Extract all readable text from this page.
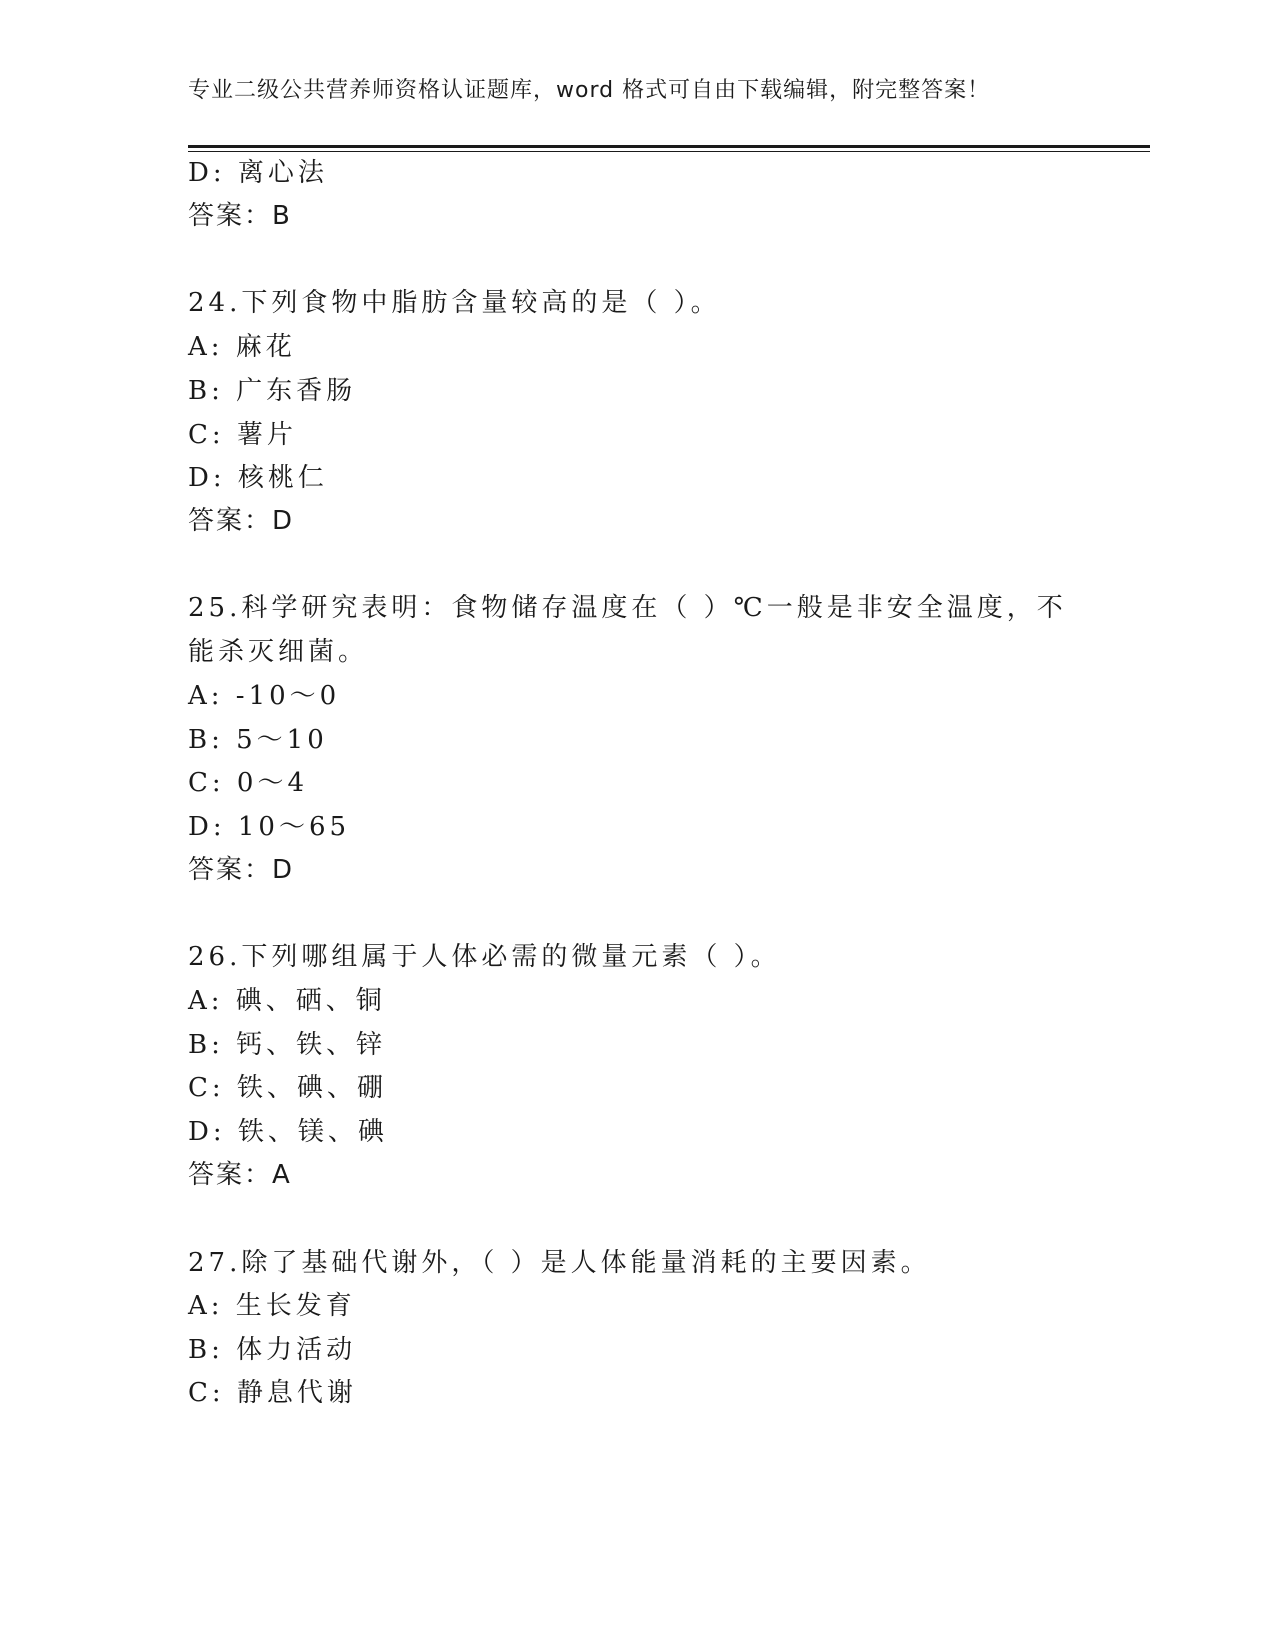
专业二级公共营养师资格认证题库，word 格式可自由下载编辑，附完整答案！
D: 离心法
答案：B
24.下列食物中脂肪含量较高的是（ ）。
A: 麻花
B: 广东香肠
C: 薯片
D: 核桃仁
答案：D
25.科学研究表明：食物储存温度在（ ）℃一般是非安全温度，不
能杀灭细菌。
A: -10～0
B: 5～10
C: 0～4
D: 10～65
答案：D
26.下列哪组属于人体必需的微量元素（ ）。
A: 碘、硒、铜
B: 钙、铁、锌
C: 铁、碘、硼
D: 铁、镁、碘
答案：A
27.除了基础代谢外，（ ）是人体能量消耗的主要因素。
A: 生长发育
B: 体力活动
C: 静息代谢
